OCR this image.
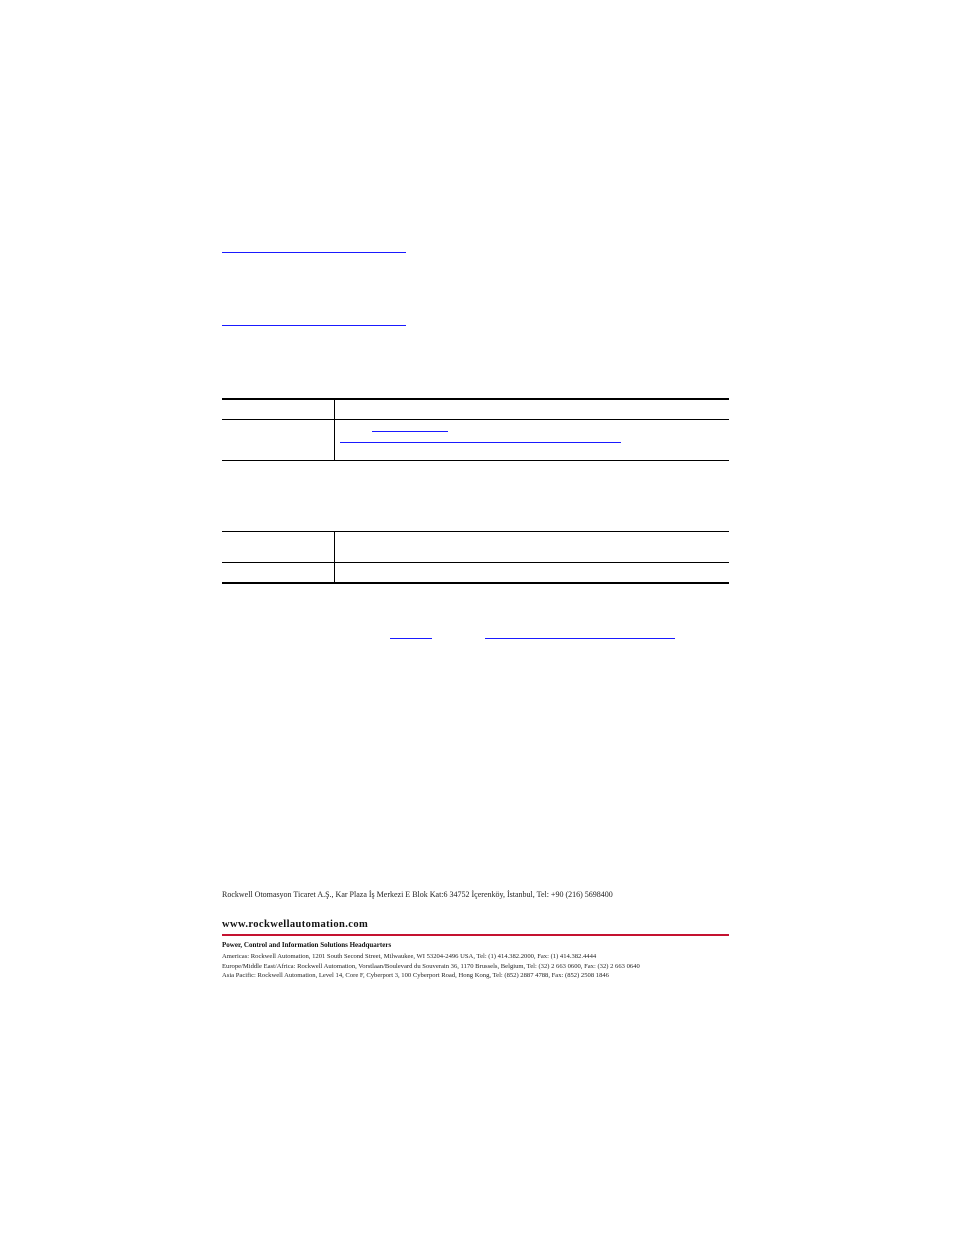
Rockwell Otomasyon Ticaret A.Ş., Kar Plaza İş Merkezi E Blok Kat:6 34752 İçerenköy, İstanbul, Tel: +90 (216) 5698400
www.rockwellautomation.com
Power, Control and Information Solutions Headquarters
Americas: Rockwell Automation, 1201 South Second Street, Milwaukee, WI 53204-2496 USA, Tel: (1) 414.382.2000, Fax: (1) 414.382.4444
Europe/Middle East/Africa: Rockwell Automation, Vorstlaan/Boulevard du Souverain 36, 1170 Brussels, Belgium, Tel: (32) 2 663 0600, Fax: (32) 2 663 0640
Asia Pacific: Rockwell Automation, Level 14, Core F, Cyberport 3, 100 Cyberport Road, Hong Kong, Tel: (852) 2887 4788, Fax: (852) 2508 1846
